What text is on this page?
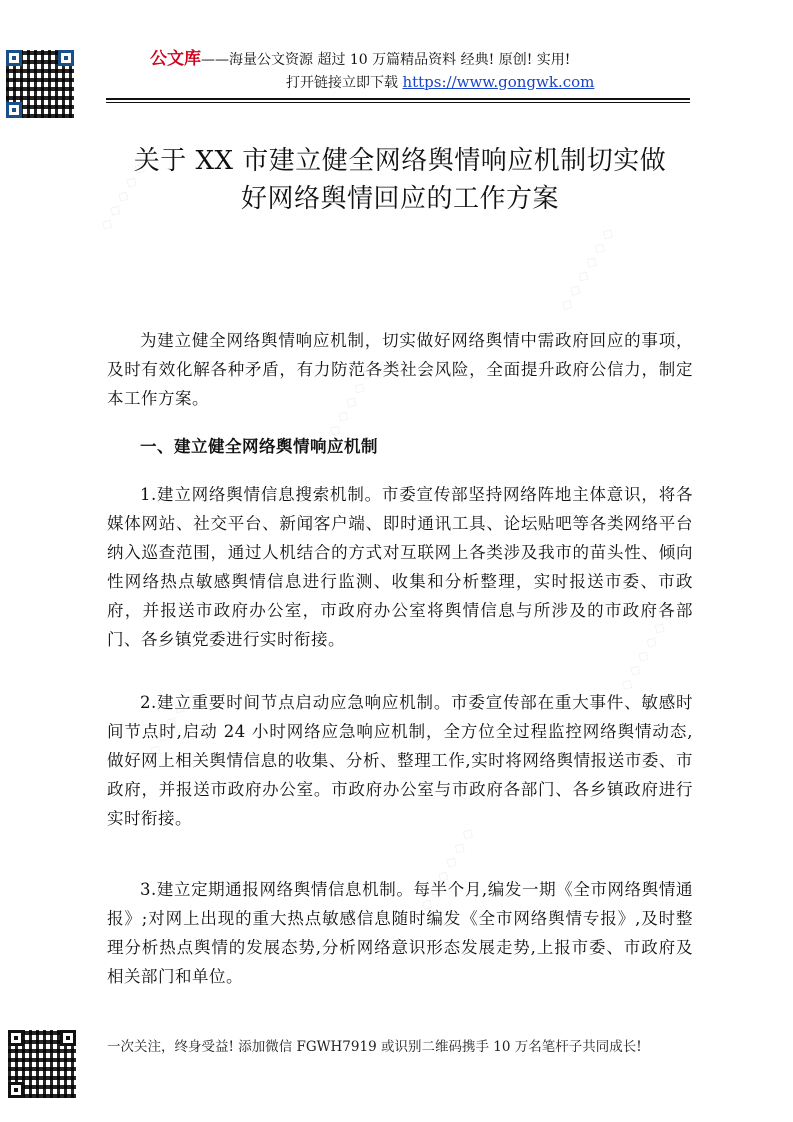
公文库——海量公文资源 超过 10 万篇精品资料 经典! 原创! 实用!
打开链接立即下载 https://www.gongwk.com
关于 XX 市建立健全网络舆情响应机制切实做
好网络舆情回应的工作方案

为建立健全网络舆情响应机制，切实做好网络舆情中需政府回应的事项，及时有效化解各种矛盾，有力防范各类社会风险，全面提升政府公信力，制定本工作方案。

一、建立健全网络舆情响应机制

1.建立网络舆情信息搜索机制。市委宣传部坚持网络阵地主体意识，将各媒体网站、社交平台、新闻客户端、即时通讯工具、论坛贴吧等各类网络平台纳入巡查范围，通过人机结合的方式对互联网上各类涉及我市的苗头性、倾向性网络热点敏感舆情信息进行监测、收集和分析整理，实时报送市委、市政府，并报送市政府办公室，市政府办公室将舆情信息与所涉及的市政府各部门、各乡镇党委进行实时衔接。

2.建立重要时间节点启动应急响应机制。市委宣传部在重大事件、敏感时间节点时,启动 24 小时网络应急响应机制，全方位全过程监控网络舆情动态,做好网上相关舆情信息的收集、分析、整理工作,实时将网络舆情报送市委、市政府，并报送市政府办公室。市政府办公室与市政府各部门、各乡镇政府进行实时衔接。

3.建立定期通报网络舆情信息机制。每半个月,编发一期《全市网络舆情通报》;对网上出现的重大热点敏感信息随时编发《全市网络舆情专报》,及时整理分析热点舆情的发展态势,分析网络意识形态发展走势,上报市委、市政府及相关部门和单位。

一次关注，终身受益! 添加微信 FGWH7919 或识别二维码携手 10 万名笔杆子共同成长!
◇ ◇ ◇ ◇ ◇ ◇
◇ ◇ ◇ ◇ ◇ ◇
◇ ◇ ◇ ◇ ◇ ◇
◇ ◇ ◇ ◇ ◇ ◇
◇ ◇ ◇ ◇ ◇ ◇
◇ ◇ ◇ ◇ ◇ ◇
